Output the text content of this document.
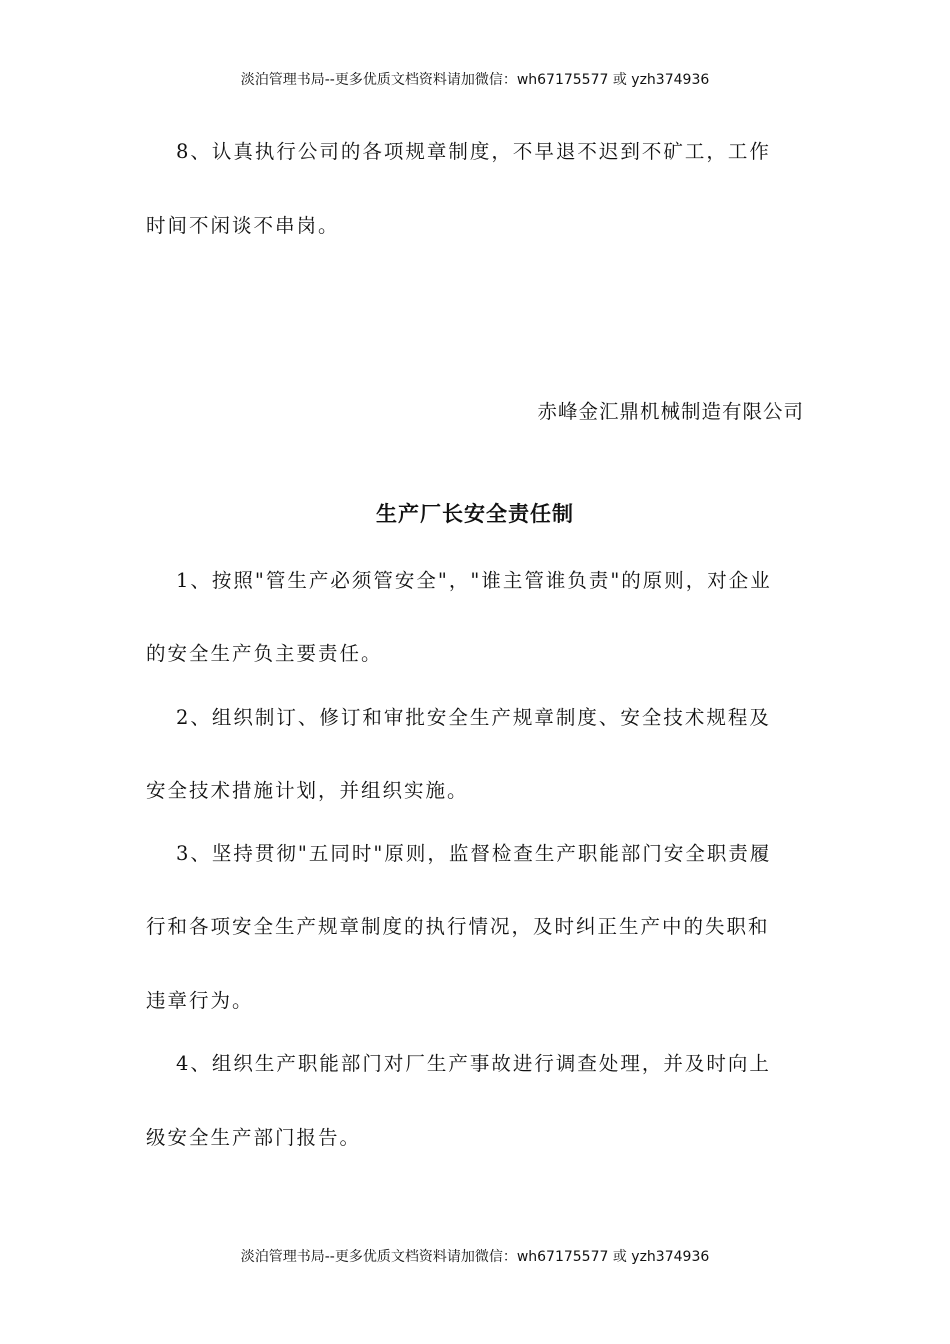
淡泊管理书局--更多优质文档资料请加微信：wh67175577 或 yzh374936
8、认真执行公司的各项规章制度，不早退不迟到不矿工，工作
时间不闲谈不串岗。
赤峰金汇鼎机械制造有限公司
生产厂长安全责任制
1、按照"管生产必须管安全"，"谁主管谁负责"的原则，对企业
的安全生产负主要责任。
2、组织制订、修订和审批安全生产规章制度、安全技术规程及
安全技术措施计划，并组织实施。
3、坚持贯彻"五同时"原则，监督检查生产职能部门安全职责履
行和各项安全生产规章制度的执行情况，及时纠正生产中的失职和
违章行为。
4、组织生产职能部门对厂生产事故进行调查处理，并及时向上
级安全生产部门报告。
淡泊管理书局--更多优质文档资料请加微信：wh67175577 或 yzh374936
